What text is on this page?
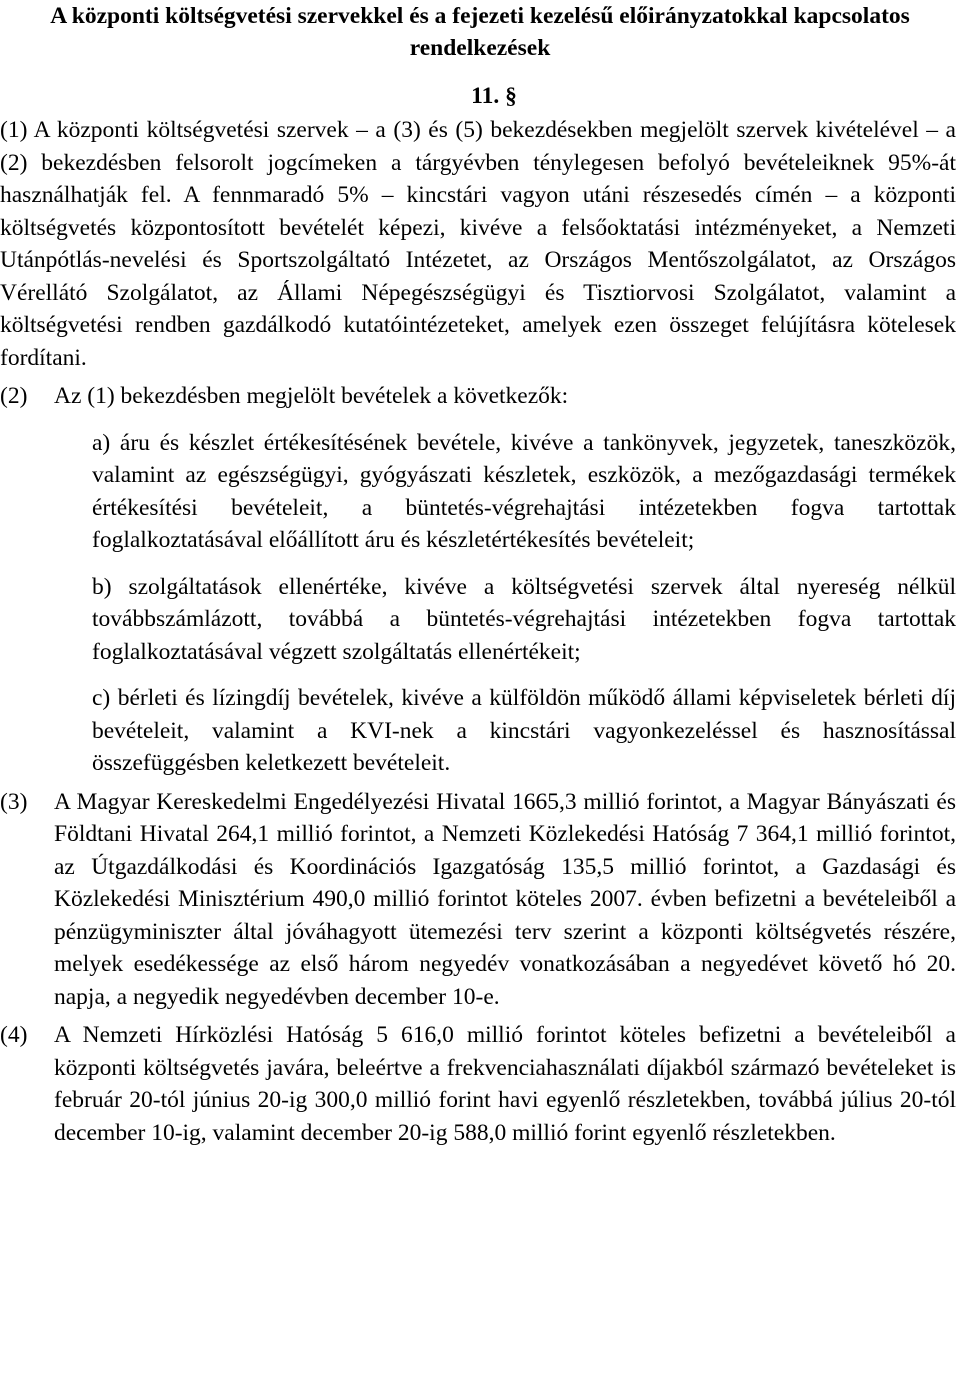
A központi költségvetési szervekkel és a fejezeti kezelésű előirányzatokkal kapcsolatos rendelkezések
11. §
(1) A központi költségvetési szervek – a (3) és (5) bekezdésekben megjelölt szervek kivételével – a (2) bekezdésben felsorolt jogcímeken a tárgyévben ténylegesen befolyó bevételeiknek 95%-át használhatják fel. A fennmaradó 5% – kincstári vagyon utáni részesedés címén – a központi költségvetés központosított bevételét képezi, kivéve a felsőoktatási intézményeket, a Nemzeti Utánpótlás-nevelési és Sportszolgáltató Intézetet, az Országos Mentőszolgálatot, az Országos Vérellátó Szolgálatot, az Állami Népegészségügyi és Tisztiorvosi Szolgálatot, valamint a költségvetési rendben gazdálkodó kutatóintézeteket, amelyek ezen összeget felújításra kötelesek fordítani.
(2) Az (1) bekezdésben megjelölt bevételek a következők:
a) áru és készlet értékesítésének bevétele, kivéve a tankönyvek, jegyzetek, taneszközök, valamint az egészségügyi, gyógyászati készletek, eszközök, a mezőgazdasági termékek értékesítési bevételeit, a büntetés-végrehajtási intézetekben fogva tartottak foglalkoztatásával előállított áru és készletértékesítés bevételeit;
b) szolgáltatások ellenértéke, kivéve a költségvetési szervek által nyereség nélkül továbbszámlázott, továbbá a büntetés-végrehajtási intézetekben fogva tartottak foglalkoztatásával végzett szolgáltatás ellenértékeit;
c) bérleti és lízingdíj bevételek, kivéve a külföldön működő állami képviseletek bérleti díj bevételeit, valamint a KVI-nek a kincstári vagyonkezeléssel és hasznosítással összefüggésben keletkezett bevételeit.
(3) A Magyar Kereskedelmi Engedélyezési Hivatal 1665,3 millió forintot, a Magyar Bányászati és Földtani Hivatal 264,1 millió forintot, a Nemzeti Közlekedési Hatóság 7 364,1 millió forintot, az Útgazdálkodási és Koordinációs Igazgatóság 135,5 millió forintot, a Gazdasági és Közlekedési Minisztérium 490,0 millió forintot köteles 2007. évben befizetni a bevételeiből a pénzügyminiszter által jóváhagyott ütemezési terv szerint a központi költségvetés részére, melyek esedékessége az első három negyedév vonatkozásában a negyedévet követő hó 20. napja, a negyedik negyedévben december 10-e.
(4) A Nemzeti Hírközlési Hatóság 5 616,0 millió forintot köteles befizetni a bevételeiből a központi költségvetés javára, beleértve a frekvenciahasználati díjakból származó bevételeket is február 20-tól június 20-ig 300,0 millió forint havi egyenlő részletekben, továbbá július 20-tól december 10-ig, valamint december 20-ig 588,0 millió forint egyenlő részletekben.
